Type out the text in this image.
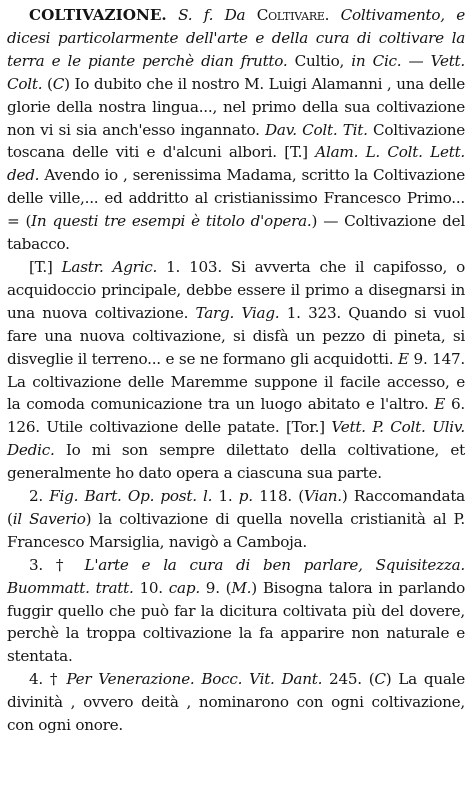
COLTIVAZIONE. S. f. Da Coltivare. Coltivamento, e dicesi particolarmente dell'arte e della cura di coltivare la terra e le piante perchè dian frutto. Cultio, in Cic. — Vett. Colt. (C) Io dubito che il nostro M. Luigi Alamanni , una delle glorie della nostra lingua..., nel primo della sua coltivazione non vi si sia anch'esso ingannato. Dav. Colt. Tit. Coltivazione toscana delle viti e d'alcuni albori. [T.] Alam. L. Colt. Lett. ded. Avendo io , serenissima Madama, scritto la Coltivazione delle ville,... ed addritto al cristianissimo Francesco Primo... = (In questi tre esempi è titolo d'opera.) — Coltivazione del tabacco.

[T.] Lastr. Agric. 1. 103. Si avverta che il capifosso, o acquidoccio principale, debbe essere il primo a disegnarsi in una nuova coltivazione. Targ. Viag. 1. 323. Quando si vuol fare una nuova coltivazione, si disfà un pezzo di pineta, si disveglie il terreno... e se ne formano gli acquidotti. E 9. 147. La coltivazione delle Maremme suppone il facile accesso, e la comoda comunicazione tra un luogo abitato e l'altro. E 6. 126. Utile coltivazione delle patate. [Tor.] Vett. P. Colt. Uliv. Dedic. Io mi son sempre dilettato della coltivatione, et generalmente ho dato opera a ciascuna sua parte.

2. Fig. Bart. Op. post. l. 1. p. 118. (Vian.) Raccomandata (il Saverio) la coltivazione di quella novella cristianità al P. Francesco Marsiglia, navigò a Camboja.

3. † L'arte e la cura di ben parlare, Squisitezza. Buommatt. tratt. 10. cap. 9. (M.) Bisogna talora in parlando fuggir quello che può far la dicitura coltivata più del dovere, perchè la troppa coltivazione la fa apparire non naturale e stentata.

4. † Per Venerazione. Bocc. Vit. Dant. 245. (C) La quale divinità , ovvero deità , nominarono con ogni coltivazione, con ogni onore.
